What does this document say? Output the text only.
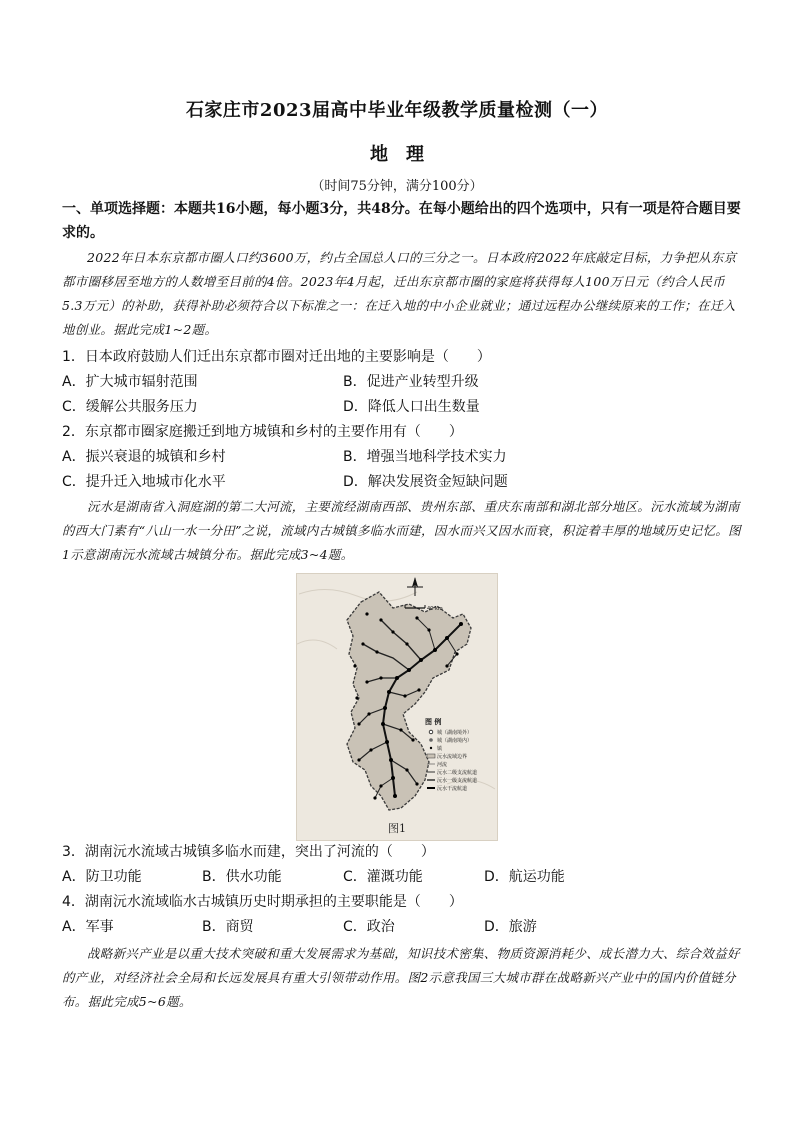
石家庄市2023届高中毕业年级教学质量检测（一）
地理
（时间75分钟，满分100分）
一、单项选择题：本题共16小题，每小题3分，共48分。在每小题给出的四个选项中，只有一项是符合题目要求的。
2022年日本东京都市圈人口约3600万，约占全国总人口的三分之一。日本政府2022年底敲定目标，力争把从东京都市圈移居至地方的人数增至目前的4倍。2023年4月起，迁出东京都市圈的家庭将获得每人100万日元（约合人民币5.3万元）的补助，获得补助必须符合以下标准之一：在迁入地的中小企业就业；通过远程办公继续原来的工作；在迁入地创业。据此完成1~2题。
1．日本政府鼓励人们迁出东京都市圈对迁出地的主要影响是（　　）
A．扩大城市辐射范围	B．促进产业转型升级
C．缓解公共服务压力	D．降低人口出生数量
2．东京都市圈家庭搬迁到地方城镇和乡村的主要作用有（　　）
A．振兴衰退的城镇和乡村	B．增强当地科学技术实力
C．提升迁入地城市化水平	D．解决发展资金短缺问题
沅水是湖南省入洞庭湖的第二大河流，主要流经湖南西部、贵州东部、重庆东南部和湖北部分地区。沅水流域为湖南的西大门素有“八山一水一分田”之说，流域内古城镇多临水而建，因水而兴又因水而衰，积淀着丰厚的地域历史记忆。图1示意湖南沅水流域古城镇分布。据此完成3~4题。
40 km
图 例
城（湖南境外）
城（湖南境内）
镇
沅水流域边界
河流
沅水二级支流航道
沅水一级支流航道
沅水干流航道
图1
3．湖南沅水流域古城镇多临水而建，突出了河流的（　　）
A．防卫功能	B．供水功能	C．灌溉功能	D．航运功能
4．湖南沅水流域临水古城镇历史时期承担的主要职能是（　　）
A．军事	B．商贸	C．政治	D．旅游
战略新兴产业是以重大技术突破和重大发展需求为基础，知识技术密集、物质资源消耗少、成长潜力大、综合效益好的产业，对经济社会全局和长远发展具有重大引领带动作用。图2示意我国三大城市群在战略新兴产业中的国内价值链分布。据此完成5~6题。
